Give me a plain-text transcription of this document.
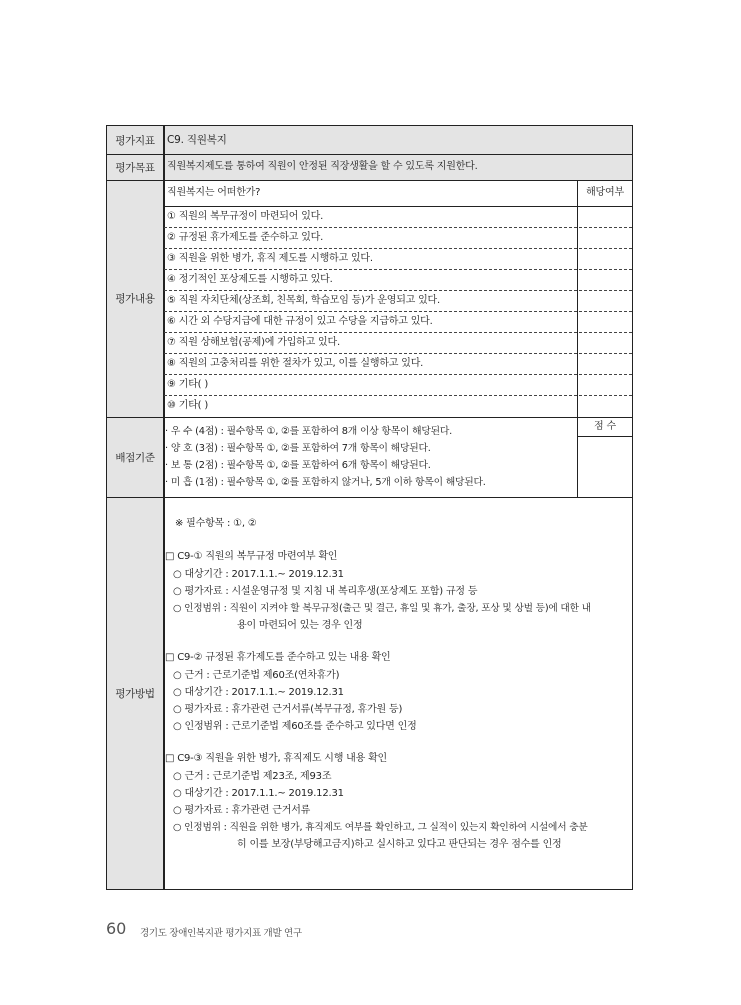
평가지표
평가목표
평가내용
배점기준
평가방법
C9. 직원복지
직원복지제도를 통하여 직원이 안정된 직장생활을 할 수 있도록 지원한다.
직원복지는 어떠한가?	해당여부
① 직원의 복무규정이 마련되어 있다.
② 규정된 휴가제도를 준수하고 있다.
③ 직원을 위한 병가, 휴직 제도를 시행하고 있다.
④ 정기적인 포상제도를 시행하고 있다.
⑤ 직원 자치단체(상조회, 친목회, 학습모임 등)가 운영되고 있다.
⑥ 시간 외 수당지급에 대한 규정이 있고 수당을 지급하고 있다.
⑦ 직원 상해보험(공제)에 가입하고 있다.
⑧ 직원의 고충처리를 위한 절차가 있고, 이를 실행하고 있다.
⑨ 기타( )
⑩ 기타( )
점 수
· 우 수 (4점) : 필수항목 ①, ②를 포함하여 8개 이상 항목이 해당된다.
· 양 호 (3점) : 필수항목 ①, ②를 포함하여 7개 항목이 해당된다.
· 보 통 (2점) : 필수항목 ①, ②를 포함하여 6개 항목이 해당된다.
· 미 흡 (1점) : 필수항목 ①, ②를 포함하지 않거나, 5개 이하 항목이 해당된다.
※ 필수항목 : ①, ②
□ C9-① 직원의 복무규정 마련여부 확인
○ 대상기간 : 2017.1.1.~ 2019.12.31
○ 평가자료 : 시설운영규정 및 지침 내 복리후생(포상제도 포함) 규정 등
○ 인정범위 : 직원이 지켜야 할 복무규정(출근 및 결근, 휴일 및 휴가, 출장, 포상 및 상벌 등)에 대한 내
용이 마련되어 있는 경우 인정
□ C9-② 규정된 휴가제도를 준수하고 있는 내용 확인
○ 근거 : 근로기준법 제60조(연차휴가)
○ 대상기간 : 2017.1.1.~ 2019.12.31
○ 평가자료 : 휴가관련 근거서류(복무규정, 휴가원 등)
○ 인정범위 : 근로기준법 제60조를 준수하고 있다면 인정
□ C9-③ 직원을 위한 병가, 휴직제도 시행 내용 확인
○ 근거 : 근로기준법 제23조, 제93조
○ 대상기간 : 2017.1.1.~ 2019.12.31
○ 평가자료 : 휴가관련 근거서류
○ 인정범위 : 직원을 위한 병가, 휴직제도 여부를 확인하고, 그 실적이 있는지 확인하여 시설에서 충분
히 이를 보장(부당해고금지)하고 실시하고 있다고 판단되는 경우 점수를 인정
60 경기도 장애인복지관 평가지표 개발 연구
